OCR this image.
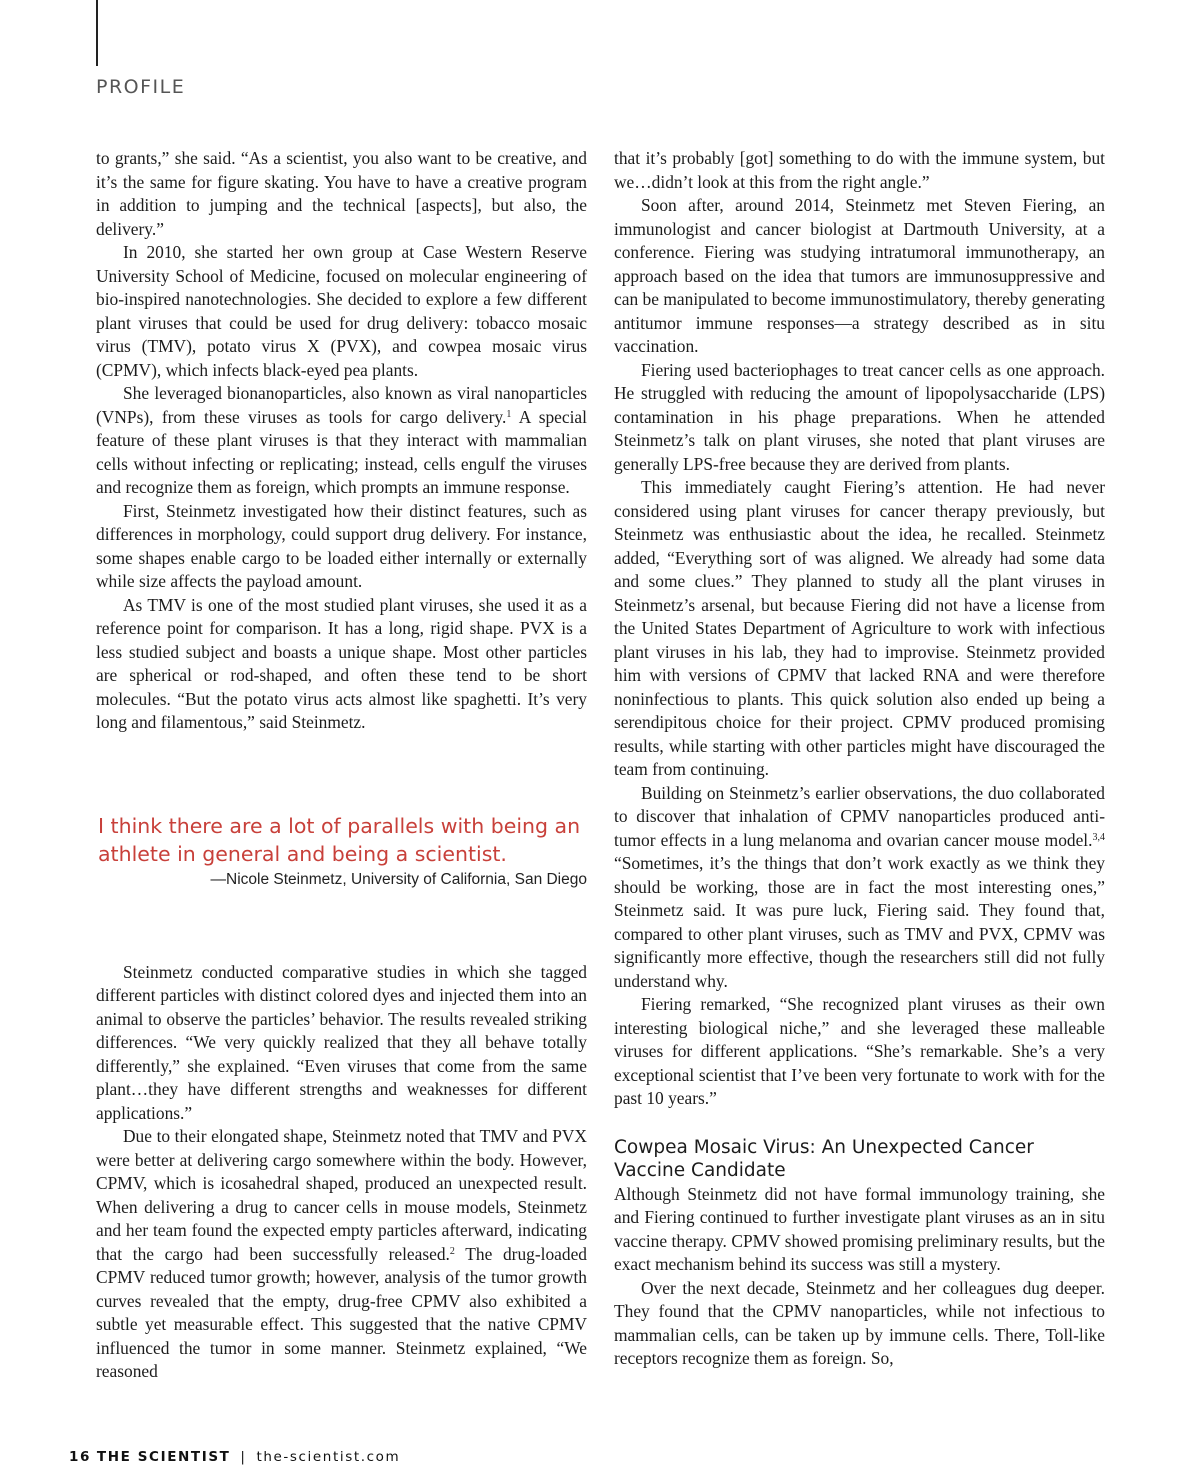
PROFILE

to grants,” she said. “As a scientist, you also want to be creative, and it’s the same for figure skating. You have to have a creative program in addition to jumping and the technical [aspects], but also, the delivery.”

In 2010, she started her own group at Case Western Reserve University School of Medicine, focused on molecular engineering of bio-inspired nanotechnologies. She decided to explore a few different plant viruses that could be used for drug delivery: tobacco mosaic virus (TMV), potato virus X (PVX), and cowpea mosaic virus (CPMV), which infects black-eyed pea plants.

She leveraged bionanoparticles, also known as viral nanoparticles (VNPs), from these viruses as tools for cargo delivery.$^1$ A special feature of these plant viruses is that they interact with mammalian cells without infecting or replicating; instead, cells engulf the viruses and recognize them as foreign, which prompts an immune response.

First, Steinmetz investigated how their distinct features, such as differences in morphology, could support drug delivery. For instance, some shapes enable cargo to be loaded either internally or externally while size affects the payload amount.

As TMV is one of the most studied plant viruses, she used it as a reference point for comparison. It has a long, rigid shape. PVX is a less studied subject and boasts a unique shape. Most other particles are spherical or rod-shaped, and often these tend to be short molecules. “But the potato virus acts almost like spaghetti. It’s very long and filamentous,” said Steinmetz.

I think there are a lot of parallels with being an athlete in general and being a scientist.
—Nicole Steinmetz, University of California, San Diego

Steinmetz conducted comparative studies in which she tagged different particles with distinct colored dyes and injected them into an animal to observe the particles’ behavior. The results revealed striking differences. “We very quickly realized that they all behave totally differently,” she explained. “Even viruses that come from the same plant…they have different strengths and weaknesses for different applications.”

Due to their elongated shape, Steinmetz noted that TMV and PVX were better at delivering cargo somewhere within the body. However, CPMV, which is icosahedral shaped, produced an unexpected result. When delivering a drug to cancer cells in mouse models, Steinmetz and her team found the expected empty particles afterward, indicating that the cargo had been successfully released.$^2$ The drug-loaded CPMV reduced tumor growth; however, analysis of the tumor growth curves revealed that the empty, drug-free CPMV also exhibited a subtle yet measurable effect. This suggested that the native CPMV influenced the tumor in some manner. Steinmetz explained, “We reasoned

that it’s probably [got] something to do with the immune system, but we…didn’t look at this from the right angle.”

Soon after, around 2014, Steinmetz met Steven Fiering, an immunologist and cancer biologist at Dartmouth University, at a conference. Fiering was studying intratumoral immunotherapy, an approach based on the idea that tumors are immunosuppressive and can be manipulated to become immunostimulatory, thereby generating antitumor immune responses—a strategy described as in situ vaccination.

Fiering used bacteriophages to treat cancer cells as one approach. He struggled with reducing the amount of lipopolysaccharide (LPS) contamination in his phage preparations. When he attended Steinmetz’s talk on plant viruses, she noted that plant viruses are generally LPS-free because they are derived from plants.

This immediately caught Fiering’s attention. He had never considered using plant viruses for cancer therapy previously, but Steinmetz was enthusiastic about the idea, he recalled. Steinmetz added, “Everything sort of was aligned. We already had some data and some clues.” They planned to study all the plant viruses in Steinmetz’s arsenal, but because Fiering did not have a license from the United States Department of Agriculture to work with infectious plant viruses in his lab, they had to improvise. Steinmetz provided him with versions of CPMV that lacked RNA and were therefore noninfectious to plants. This quick solution also ended up being a serendipitous choice for their project. CPMV produced promising results, while starting with other particles might have discouraged the team from continuing.

Building on Steinmetz’s earlier observations, the duo collaborated to discover that inhalation of CPMV nanoparticles produced anti-tumor effects in a lung melanoma and ovarian cancer mouse model.$^{3,4}$ “Sometimes, it’s the things that don’t work exactly as we think they should be working, those are in fact the most interesting ones,” Steinmetz said. It was pure luck, Fiering said. They found that, compared to other plant viruses, such as TMV and PVX, CPMV was significantly more effective, though the researchers still did not fully understand why.

Fiering remarked, “She recognized plant viruses as their own interesting biological niche,” and she leveraged these malleable viruses for different applications. “She’s remarkable. She’s a very exceptional scientist that I’ve been very fortunate to work with for the past 10 years.”

Cowpea Mosaic Virus: An Unexpected Cancer Vaccine Candidate

Although Steinmetz did not have formal immunology training, she and Fiering continued to further investigate plant viruses as an in situ vaccine therapy. CPMV showed promising preliminary results, but the exact mechanism behind its success was still a mystery.

Over the next decade, Steinmetz and her colleagues dug deeper. They found that the CPMV nanoparticles, while not infectious to mammalian cells, can be taken up by immune cells. There, Toll-like receptors recognize them as foreign. So,

16 THE SCIENTIST | the-scientist.com
